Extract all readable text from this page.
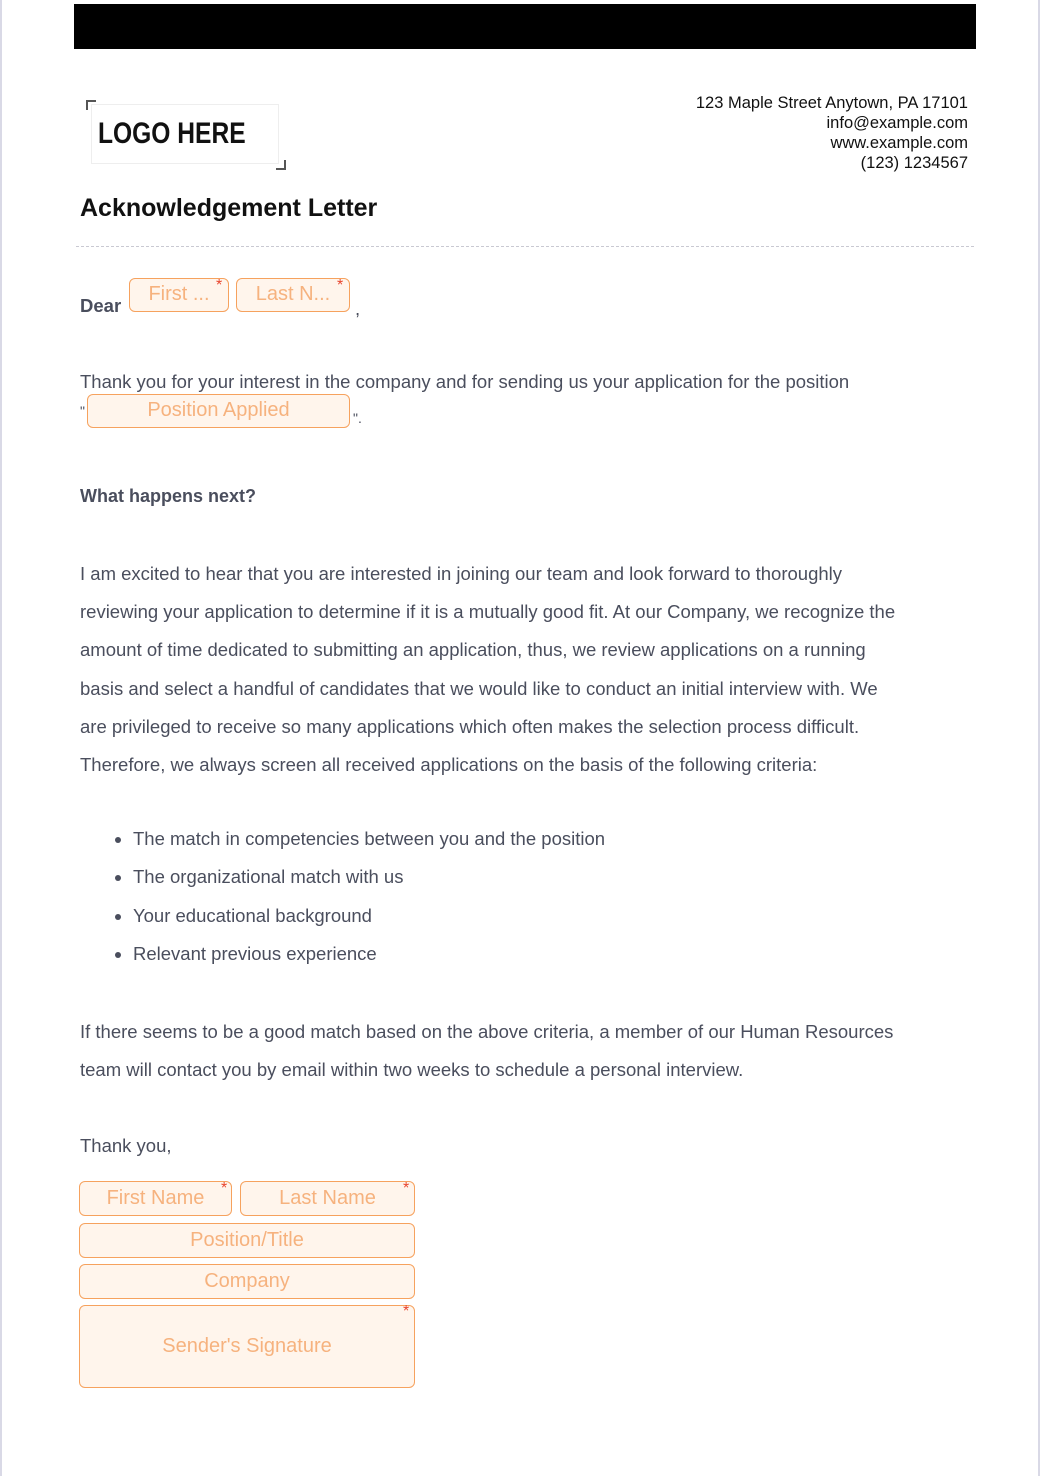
LOGO HERE
123 Maple Street Anytown, PA 17101
info@example.com
www.example.com
(123) 1234567
Acknowledgement Letter
Dear
First ... *	Last N... *
,
Thank you for your interest in the company and for sending us your application for the position
"	Position Applied	".
What happens next?
I am excited to hear that you are interested in joining our team and look forward to thoroughly
reviewing your application to determine if it is a mutually good fit. At our Company, we recognize the
amount of time dedicated to submitting an application, thus, we review applications on a running
basis and select a handful of candidates that we would like to conduct an initial interview with. We
are privileged to receive so many applications which often makes the selection process difficult.
Therefore, we always screen all received applications on the basis of the following criteria:
• The match in competencies between you and the position
• The organizational match with us
• Your educational background
• Relevant previous experience
If there seems to be a good match based on the above criteria, a member of our Human Resources
team will contact you by email within two weeks to schedule a personal interview.
Thank you,
First Name	*	Last Name	*
Position/Title
Company
Sender's Signature
*
